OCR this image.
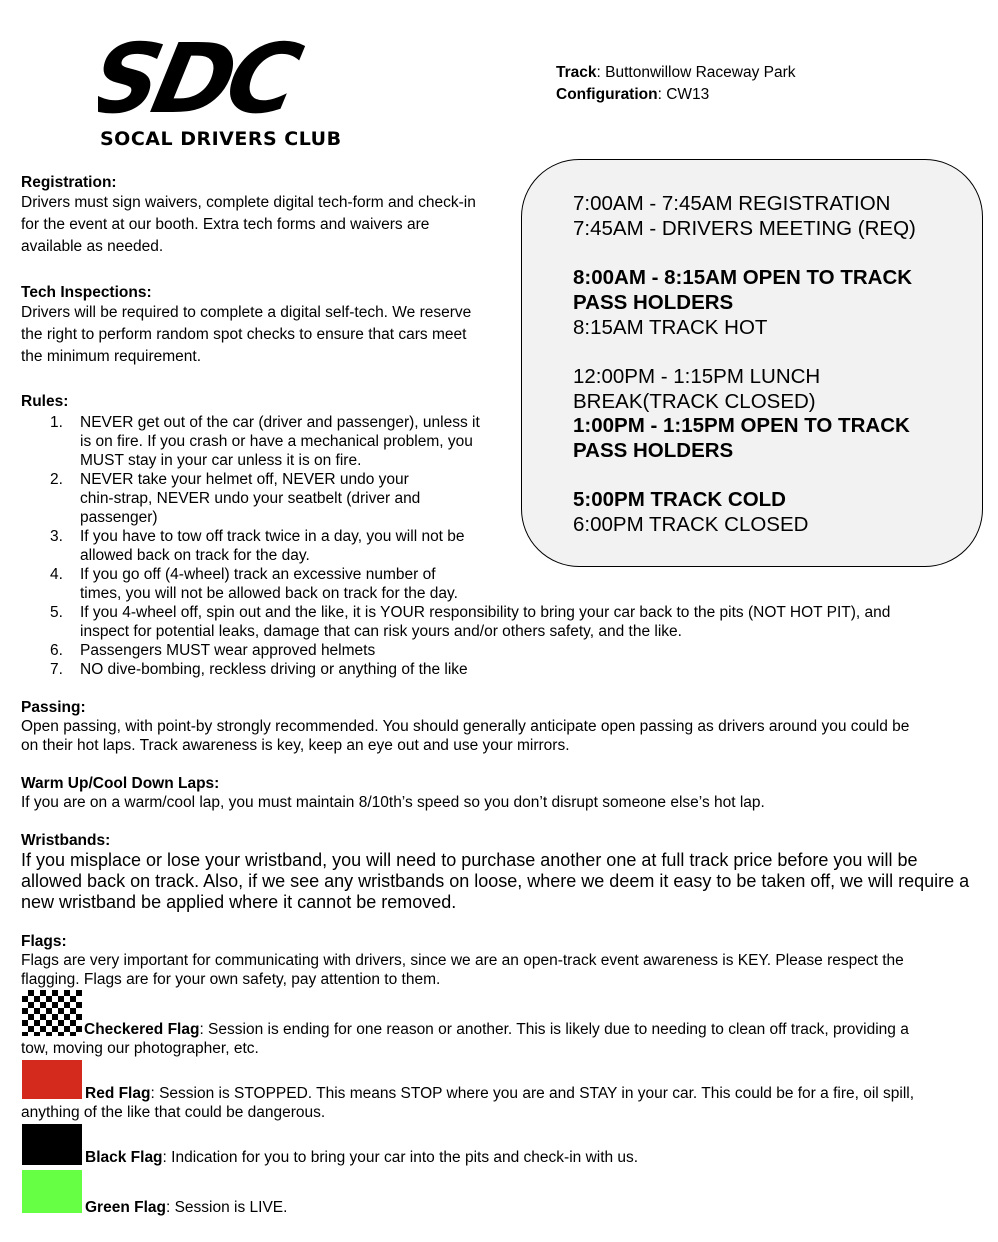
SDC
SOCAL DRIVERS CLUB
Track: Buttonwillow Raceway Park
Configuration: CW13
7:00AM - 7:45AM REGISTRATION
7:45AM - DRIVERS MEETING (REQ)
8:00AM - 8:15AM OPEN TO TRACK
PASS HOLDERS
8:15AM TRACK HOT
12:00PM - 1:15PM LUNCH
BREAK(TRACK CLOSED)
1:00PM - 1:15PM OPEN TO TRACK
PASS HOLDERS
5:00PM TRACK COLD
6:00PM TRACK CLOSED
Registration:
Drivers must sign waivers, complete digital tech-form and check-in
for the event at our booth. Extra tech forms and waivers are
available as needed.
Tech Inspections:
Drivers will be required to complete a digital self-tech. We reserve
the right to perform random spot checks to ensure that cars meet
the minimum requirement.
Rules:
1.	NEVER get out of the car (driver and passenger), unless it
is on fire. If you crash or have a mechanical problem, you
MUST stay in your car unless it is on fire.
2.	NEVER take your helmet off, NEVER undo your
chin-strap, NEVER undo your seatbelt (driver and
passenger)
3.	If you have to tow off track twice in a day, you will not be
allowed back on track for the day.
4.	If you go off (4-wheel) track an excessive number of
times, you will not be allowed back on track for the day.
5.	If you 4-wheel off, spin out and the like, it is YOUR responsibility to bring your car back to the pits (NOT HOT PIT), and
inspect for potential leaks, damage that can risk yours and/or others safety, and the like.
6.	Passengers MUST wear approved helmets
7.	NO dive-bombing, reckless driving or anything of the like
Passing:
Open passing, with point-by strongly recommended. You should generally anticipate open passing as drivers around you could be
on their hot laps. Track awareness is key, keep an eye out and use your mirrors.
Warm Up/Cool Down Laps:
If you are on a warm/cool lap, you must maintain 8/10th’s speed so you don’t disrupt someone else’s hot lap.
Wristbands:
If you misplace or lose your wristband, you will need to purchase another one at full track price before you will be
allowed back on track. Also, if we see any wristbands on loose, where we deem it easy to be taken off, we will require a
new wristband be applied where it cannot be removed.
Flags:
Flags are very important for communicating with drivers, since we are an open-track event awareness is KEY. Please respect the
flagging. Flags are for your own safety, pay attention to them.
Checkered Flag: Session is ending for one reason or another. This is likely due to needing to clean off track, providing a
tow, moving our photographer, etc.
Red Flag: Session is STOPPED. This means STOP where you are and STAY in your car. This could be for a fire, oil spill,
anything of the like that could be dangerous.
Black Flag: Indication for you to bring your car into the pits and check-in with us.
Green Flag: Session is LIVE.
